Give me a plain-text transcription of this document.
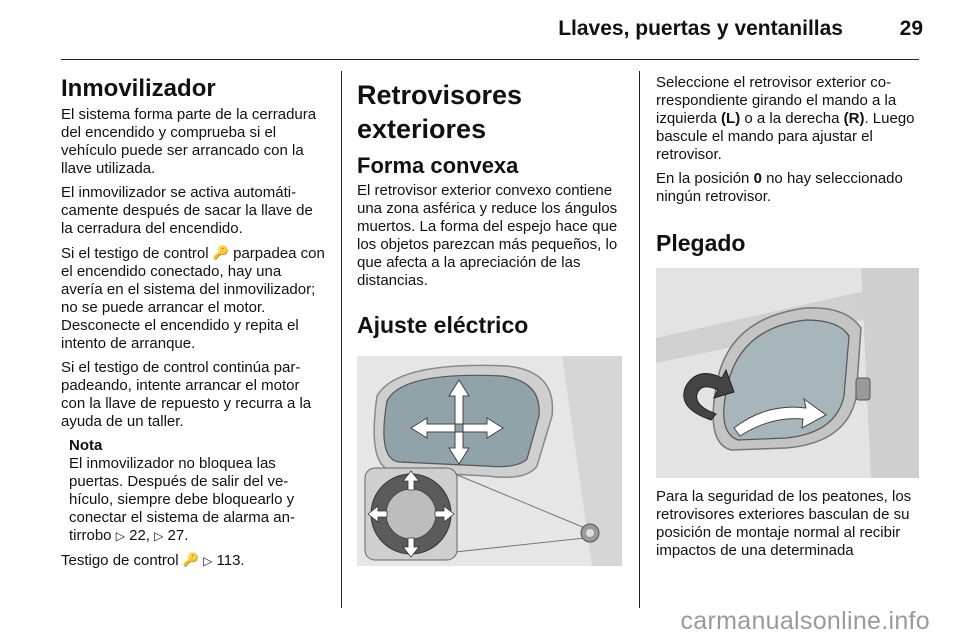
Llaves, puertas y ventanillas	29
Inmovilizador

El sistema forma parte de la cerradura del encendido y comprueba si el vehículo puede ser arrancado con la llave utilizada.

El inmovilizador se activa automáticamente después de sacar la llave de la cerradura del encendido.

Si el testigo de control 🔑 parpadea con el encendido conectado, hay una avería en el sistema del inmovilizador; no se puede arrancar el motor. Desconecte el encendido y repita el intento de arranque.

Si el testigo de control continúa parpadeando, intente arrancar el motor con la llave de repuesto y recurra a la ayuda de un taller.

Nota
El inmovilizador no bloquea las puertas. Después de salir del vehículo, siempre debe bloquearlo y conectar el sistema de alarma antirrobo ▷ 22, ▷ 27.

Testigo de control 🔑 ▷ 113.

Retrovisores exteriores
Forma convexa

El retrovisor exterior convexo contiene una zona asférica y reduce los ángulos muertos. La forma del espejo hace que los objetos parezcan más pequeños, lo que afecta a la apreciación de las distancias.

Ajuste eléctrico

Seleccione el retrovisor exterior correspondiente girando el mando a la izquierda (L) o a la derecha (R). Luego bascule el mando para ajustar el retrovisor.

En la posición 0 no hay seleccionado ningún retrovisor.

Plegado

Para la seguridad de los peatones, los retrovisores exteriores basculan de su posición de montaje normal al recibir impactos de una determinada

carmanualsonline.info
